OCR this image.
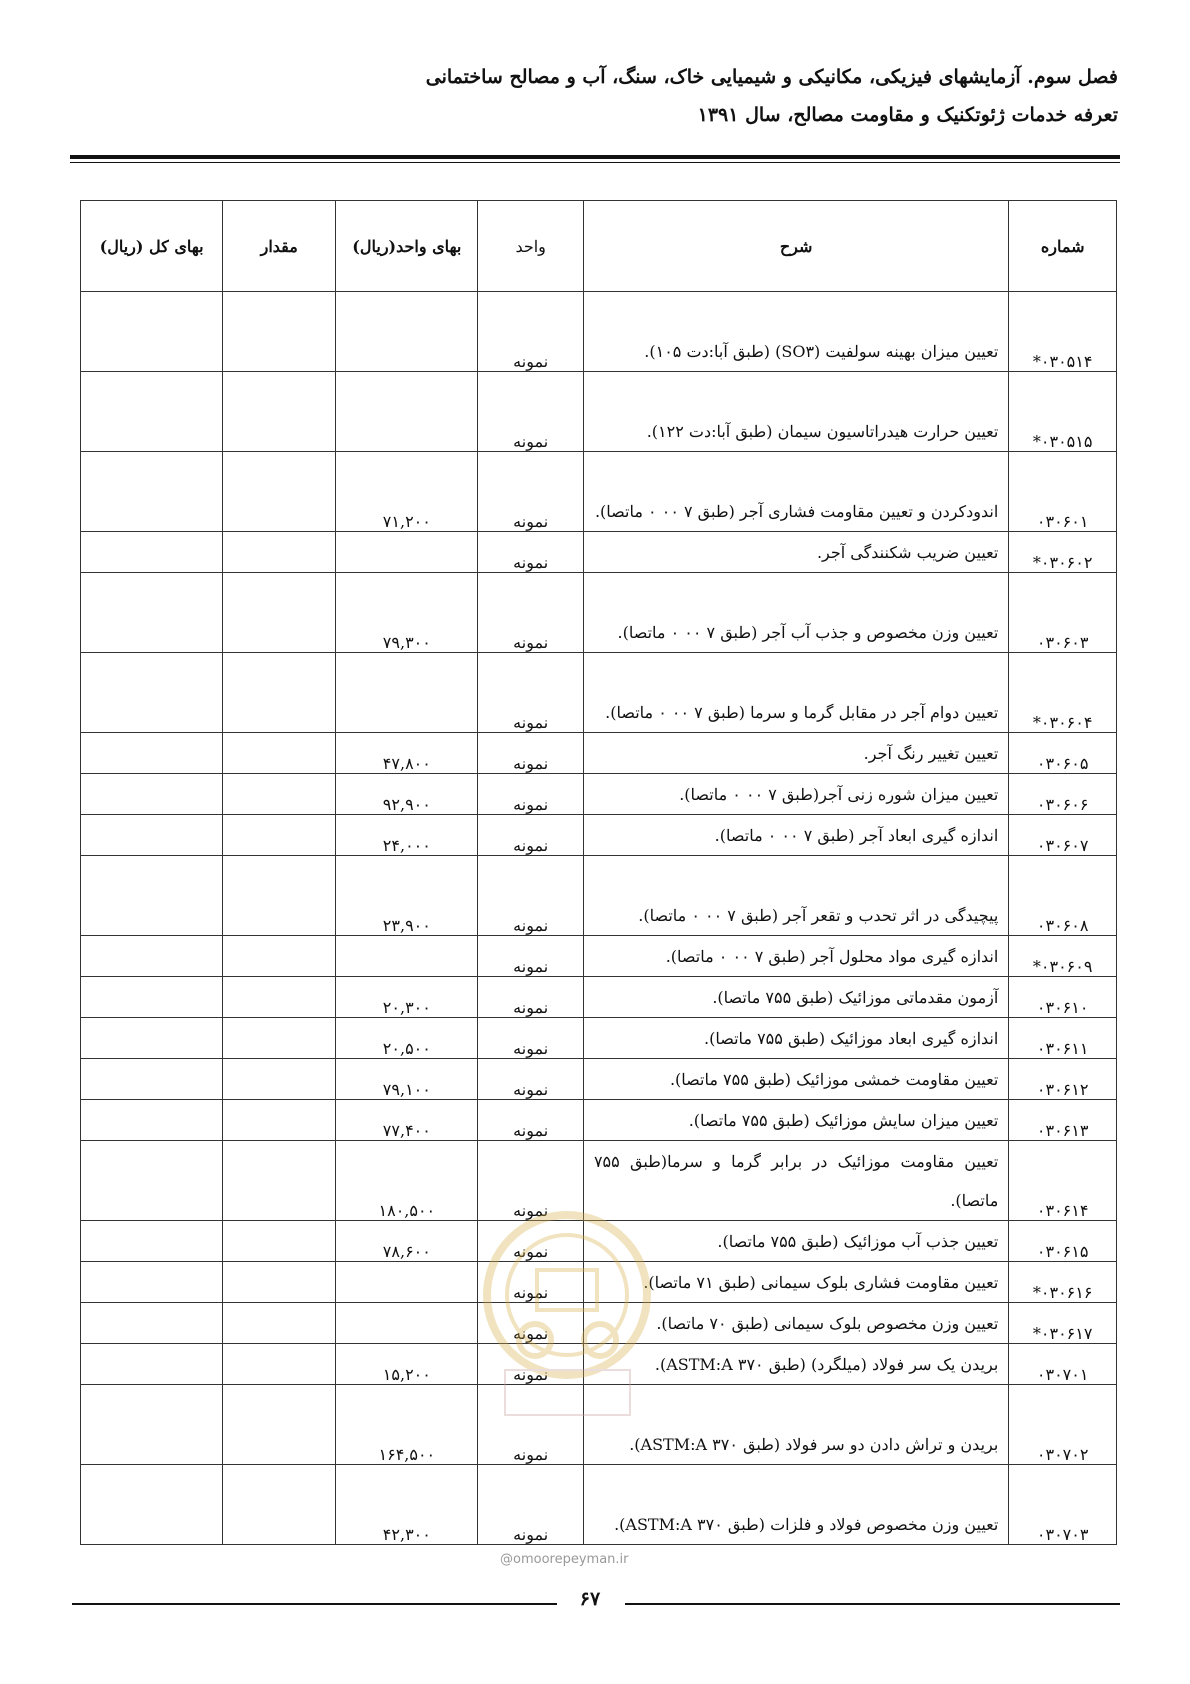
فصل سوم. آزمایشهای فیزیکی، مکانیکی و شیمیایی خاک، سنگ، آب و مصالح ساختمانی
تعرفه خدمات ژئوتکنیک و مقاومت مصالح، سال ۱۳۹۱
شماره	شرح	واحد	بهای واحد(ریال)	مقدار	بهای کل (ریال)
۰۳۰۵۱۴*	تعیین میزان بهینه سولفیت (SO۳) (طبق آبا:دت ۱۰۵).	نمونه			
۰۳۰۵۱۵*	تعیین حرارت هیدراتاسیون سیمان (طبق آبا:دت ۱۲۲).	نمونه			
۰۳۰۶۰۱	اندودکردن و تعیین مقاومت فشاری آجر (طبق ۷ ۰۰ ۰ ماتصا).	نمونه	۷۱,۲۰۰		
۰۳۰۶۰۲*	تعیین ضریب شکنندگی آجر.	نمونه			
۰۳۰۶۰۳	تعیین وزن مخصوص و جذب آب آجر (طبق ۷ ۰۰ ۰ ماتصا).	نمونه	۷۹,۳۰۰		
۰۳۰۶۰۴*	تعیین دوام آجر در مقابل گرما و سرما (طبق ۷ ۰۰ ۰ ماتصا).	نمونه			
۰۳۰۶۰۵	تعیین تغییر رنگ آجر.	نمونه	۴۷,۸۰۰		
۰۳۰۶۰۶	تعیین میزان شوره زنی آجر(طبق ۷ ۰۰ ۰ ماتصا).	نمونه	۹۲,۹۰۰		
۰۳۰۶۰۷	اندازه گیری ابعاد آجر (طبق ۷ ۰۰ ۰ ماتصا).	نمونه	۲۴,۰۰۰		
۰۳۰۶۰۸	پیچیدگی در اثر تحدب و تقعر آجر (طبق ۷ ۰۰ ۰ ماتصا).	نمونه	۲۳,۹۰۰		
۰۳۰۶۰۹*	اندازه گیری مواد محلول آجر (طبق ۷ ۰۰ ۰ ماتصا).	نمونه			
۰۳۰۶۱۰	آزمون مقدماتی موزائیک (طبق ۷۵۵ ماتصا).	نمونه	۲۰,۳۰۰		
۰۳۰۶۱۱	اندازه گیری ابعاد موزائیک (طبق ۷۵۵ ماتصا).	نمونه	۲۰,۵۰۰		
۰۳۰۶۱۲	تعیین مقاومت خمشی موزائیک (طبق ۷۵۵ ماتصا).	نمونه	۷۹,۱۰۰		
۰۳۰۶۱۳	تعیین میزان سایش موزائیک (طبق ۷۵۵ ماتصا).	نمونه	۷۷,۴۰۰		
۰۳۰۶۱۴	تعیین مقاومت موزائیک در برابر گرما و سرما(طبق ۷۵۵ ماتصا).	نمونه	۱۸۰,۵۰۰		
۰۳۰۶۱۵	تعیین جذب آب موزائیک (طبق ۷۵۵ ماتصا).	نمونه	۷۸,۶۰۰		
۰۳۰۶۱۶*	تعیین مقاومت فشاری بلوک سیمانی (طبق ۷۱ ماتصا).	نمونه			
۰۳۰۶۱۷*	تعیین وزن مخصوص بلوک سیمانی (طبق ۷۰ ماتصا).	نمونه			
۰۳۰۷۰۱	بریدن یک سر فولاد (میلگرد) (طبق ۳۷۰ ASTM:A).	نمونه	۱۵,۲۰۰		
۰۳۰۷۰۲	بریدن و تراش دادن دو سر فولاد (طبق ۳۷۰ ASTM:A).	نمونه	۱۶۴,۵۰۰		
۰۳۰۷۰۳	تعیین وزن مخصوص فولاد و فلزات (طبق ۳۷۰ ASTM:A).	نمونه	۴۲,۳۰۰		
@omoorepeyman.ir
۶۷
